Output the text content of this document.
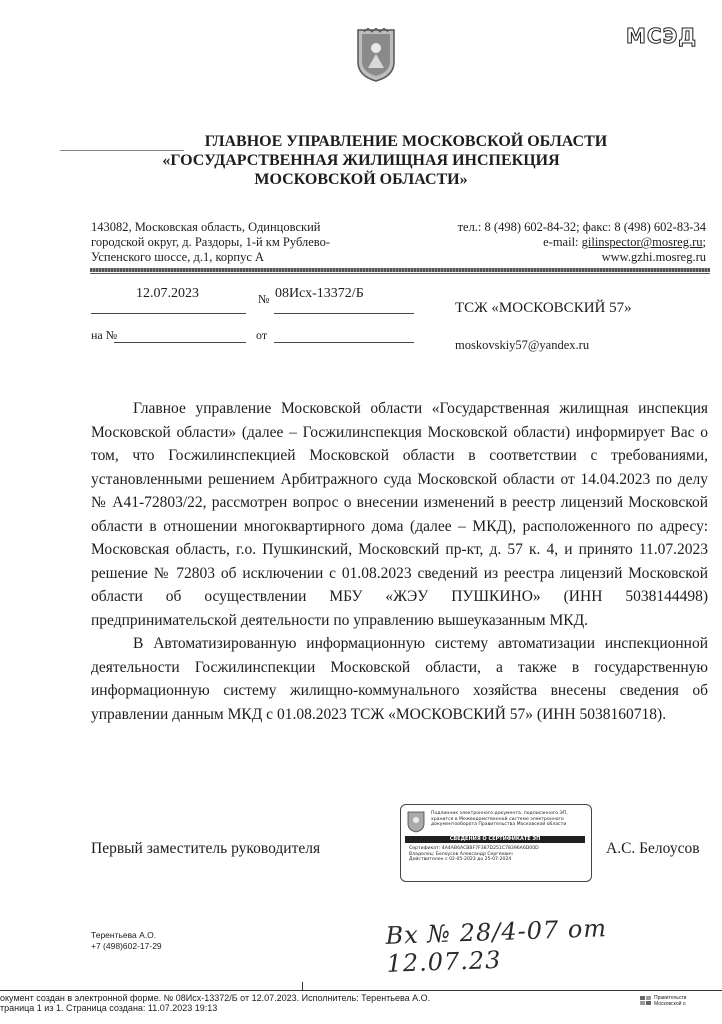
МСЭД
ГЛАВНОЕ УПРАВЛЕНИЕ МОСКОВСКОЙ ОБЛАСТИ
«ГОСУДАРСТВЕННАЯ ЖИЛИЩНАЯ ИНСПЕКЦИЯ
МОСКОВСКОЙ ОБЛАСТИ»
143082, Московская область, Одинцовский
городской округ, д. Раздоры, 1-й км Рублево-
Успенского шоссе, д.1, корпус А
тел.: 8 (498) 602-84-32; факс: 8 (498) 602-83-34
e-mail: gilinspector@mosreg.ru;
www.gzhi.mosreg.ru
12.07.2023	№ 08Исх-13372/Б
ТСЖ «МОСКОВСКИЙ 57»
на №	от
moskovskiy57@yandex.ru

Главное управление Московской области «Государственная жилищная инспекция Московской области» (далее – Госжилинспекция Московской области) информирует Вас о том, что Госжилинспекцией Московской области в соответствии с требованиями, установленными решением Арбитражного суда Московской области от 14.04.2023 по делу № А41-72803/22, рассмотрен вопрос о внесении изменений в реестр лицензий Московской области в отношении многоквартирного дома (далее – МКД), расположенного по адресу: Московская область, г.о. Пушкинский, Московский пр-кт, д. 57 к. 4, и принято 11.07.2023 решение № 72803 об исключении с 01.08.2023 сведений из реестра лицензий Московской области об осуществлении МБУ «ЖЭУ ПУШКИНО» (ИНН 5038144498) предпринимательской деятельности по управлению вышеуказанным МКД.

В Автоматизированную информационную систему автоматизации инспекционной деятельности Госжилинспекции Московской области, а также в государственную информационную систему жилищно-коммунального хозяйства внесены сведения об управлении данным МКД с 01.08.2023 ТСЖ «МОСКОВСКИЙ 57» (ИНН 5038160718).

Первый заместитель руководителя
Подлинник электронного документа, подписанного ЭП,
хранится в Межведомственной системе электронного
документооборота Правительства Московской области
СВЕДЕНИЯ О СЕРТИФИКАТЕ ЭП
Сертификат: 4A4AB6ACBBF7F387D251C78396A6D00D
Владелец: Белоусов Александр Сергеевич
Действителен с 02-05-2023 до 25-07-2024
А.С. Белоусов
Терентьева А.О.
+7 (498)602-17-29	Вх № 28/4-07 от 12.07.23
окумент создан в электронной форме. № 08Исх-13372/Б от 12.07.2023. Исполнитель: Терентьева А.О.
траница 1 из 1. Страница создана: 11.07.2023 19:13
Правительств
Московской о
